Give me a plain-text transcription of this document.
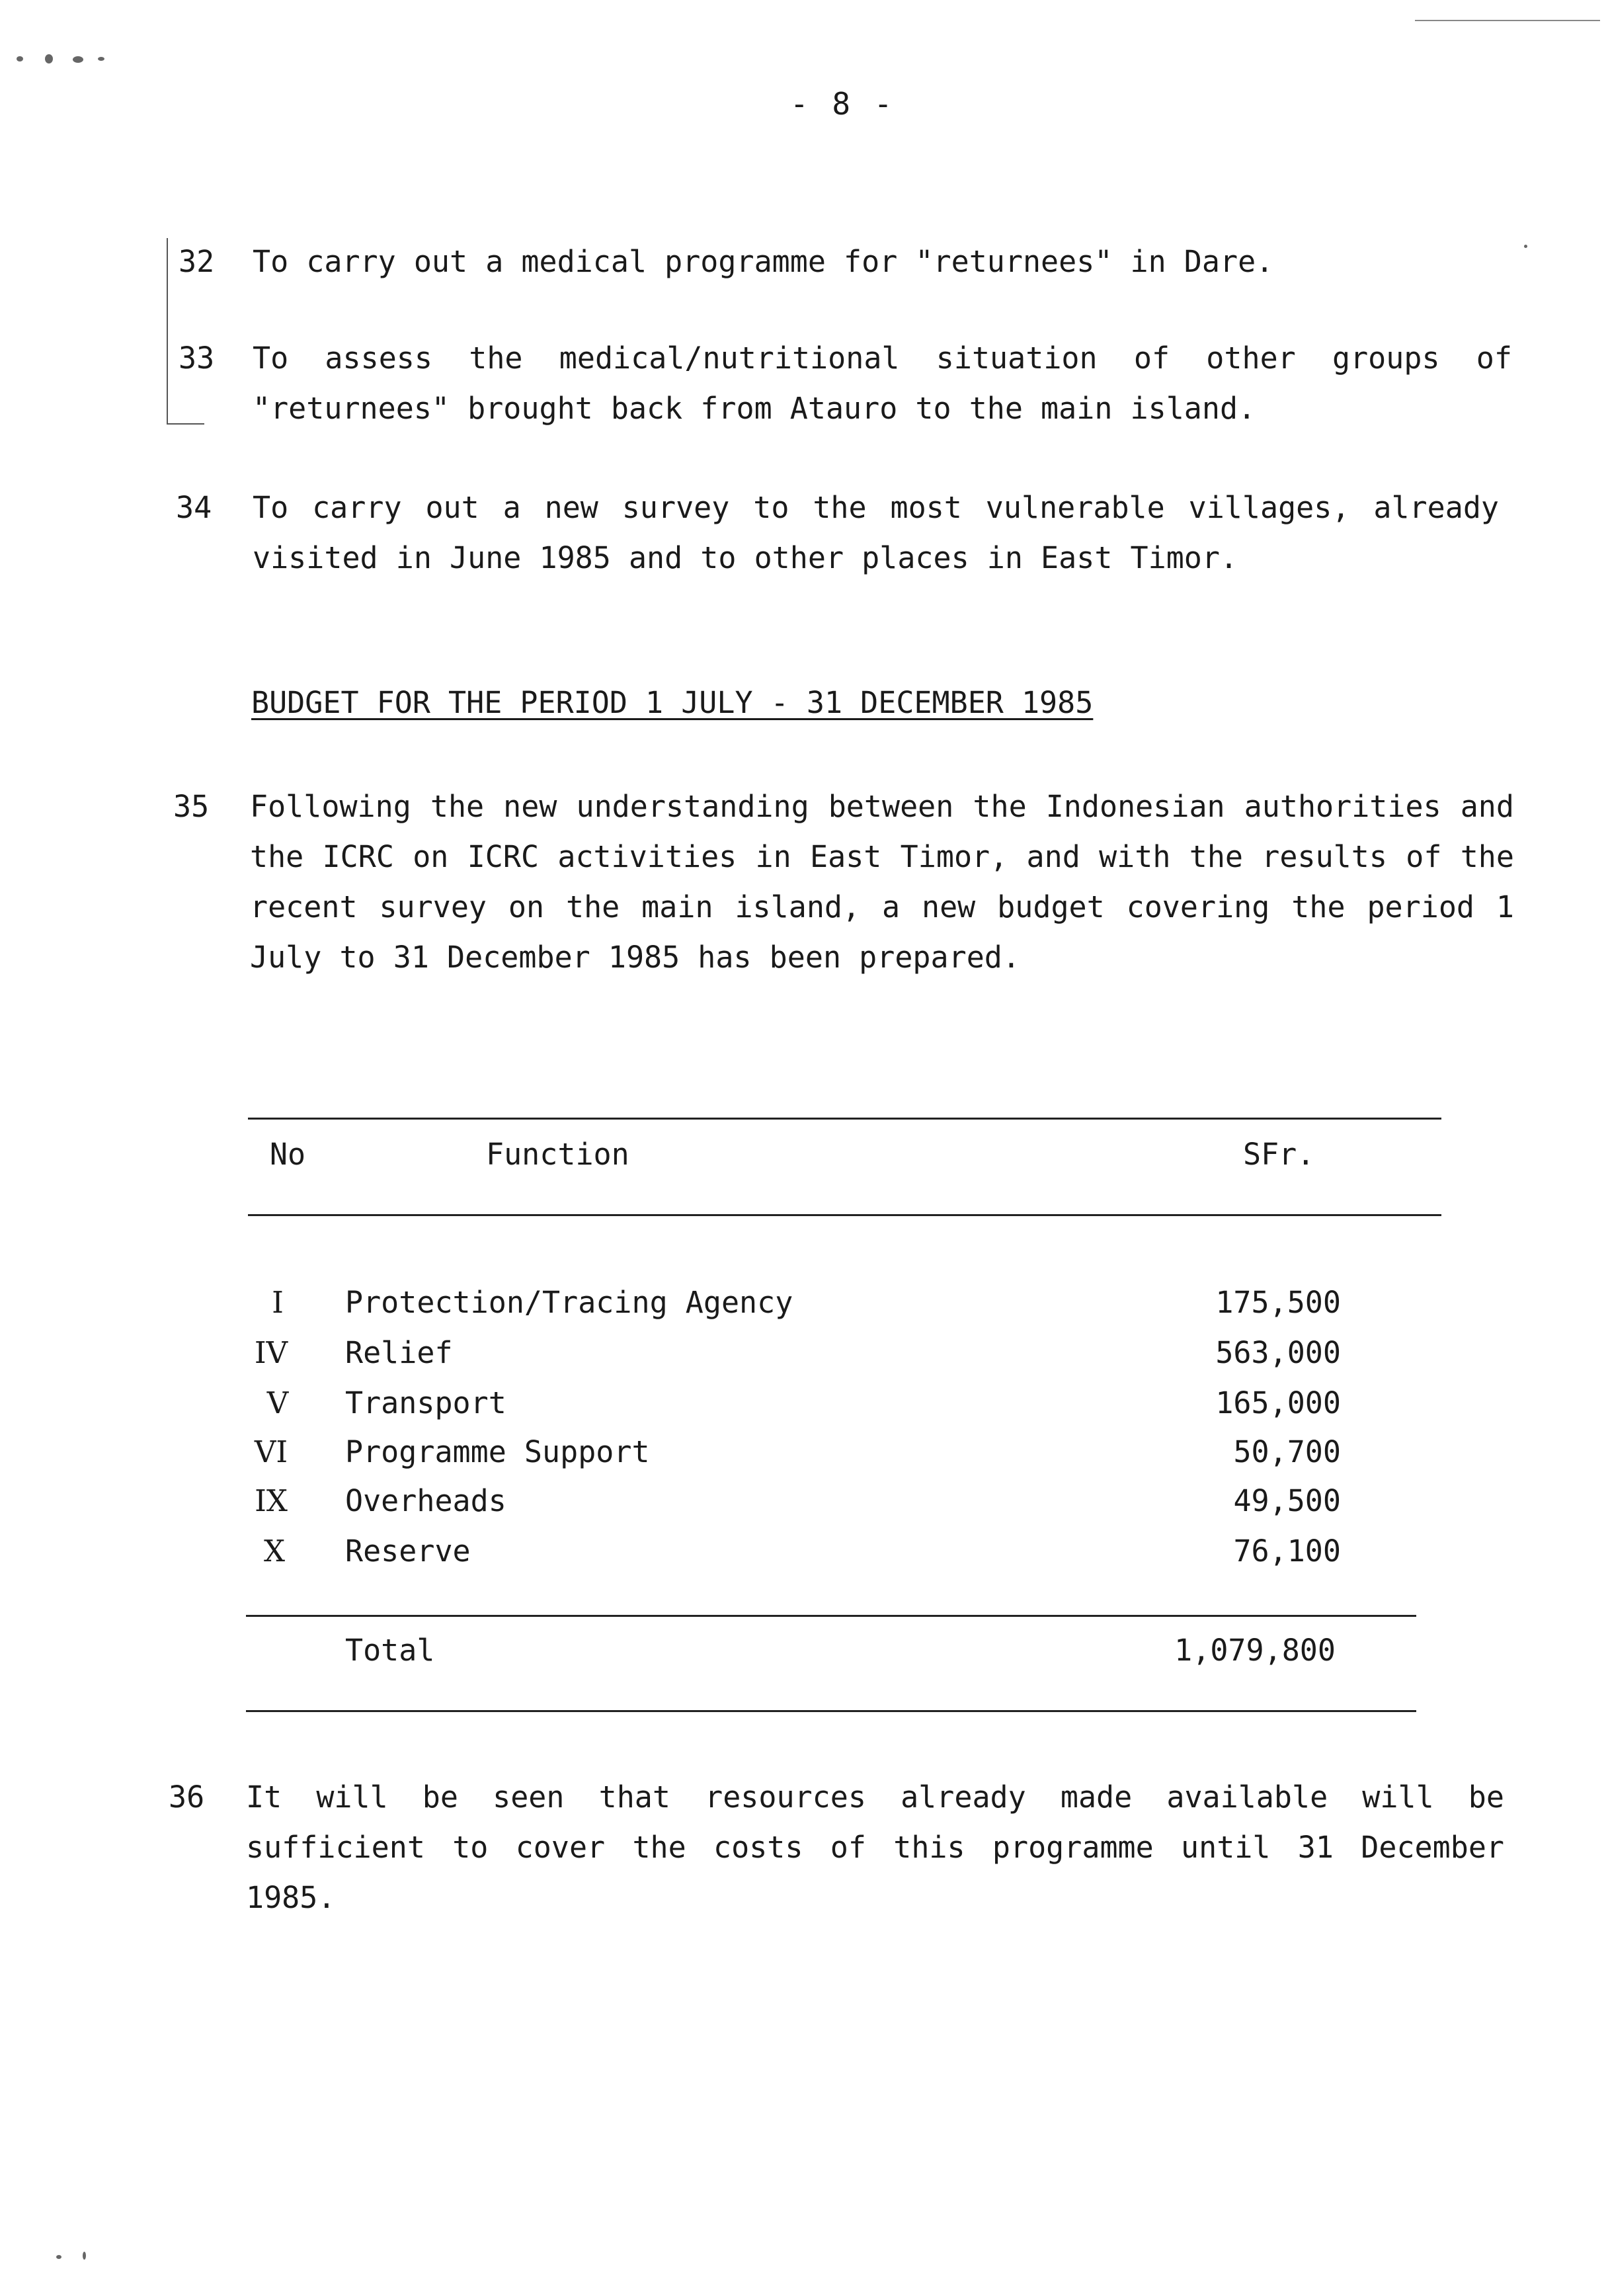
- 8 -
32 To carry out a medical programme for "returnees" in Dare.
33 To assess the medical/nutritional situation of other groups of "returnees" brought back from Atauro to the main island.
34 To carry out a new survey to the most vulnerable villages, already visited in June 1985 and to other places in East Timor.
BUDGET FOR THE PERIOD 1 JULY - 31 DECEMBER 1985
35 Following the new understanding between the Indonesian authorities and the ICRC on ICRC activities in East Timor, and with the results of the recent survey on the main island, a new budget covering the period 1 July to 31 December 1985 has been prepared.
No	Function	SFr.
I	Protection/Tracing Agency	175,500
IV	Relief	563,000
V	Transport	165,000
VI	Programme Support	50,700
IX	Overheads	49,500
X	Reserve	76,100
Total	1,079,800
36 It will be seen that resources already made available will be sufficient to cover the costs of this programme until 31 December 1985.
